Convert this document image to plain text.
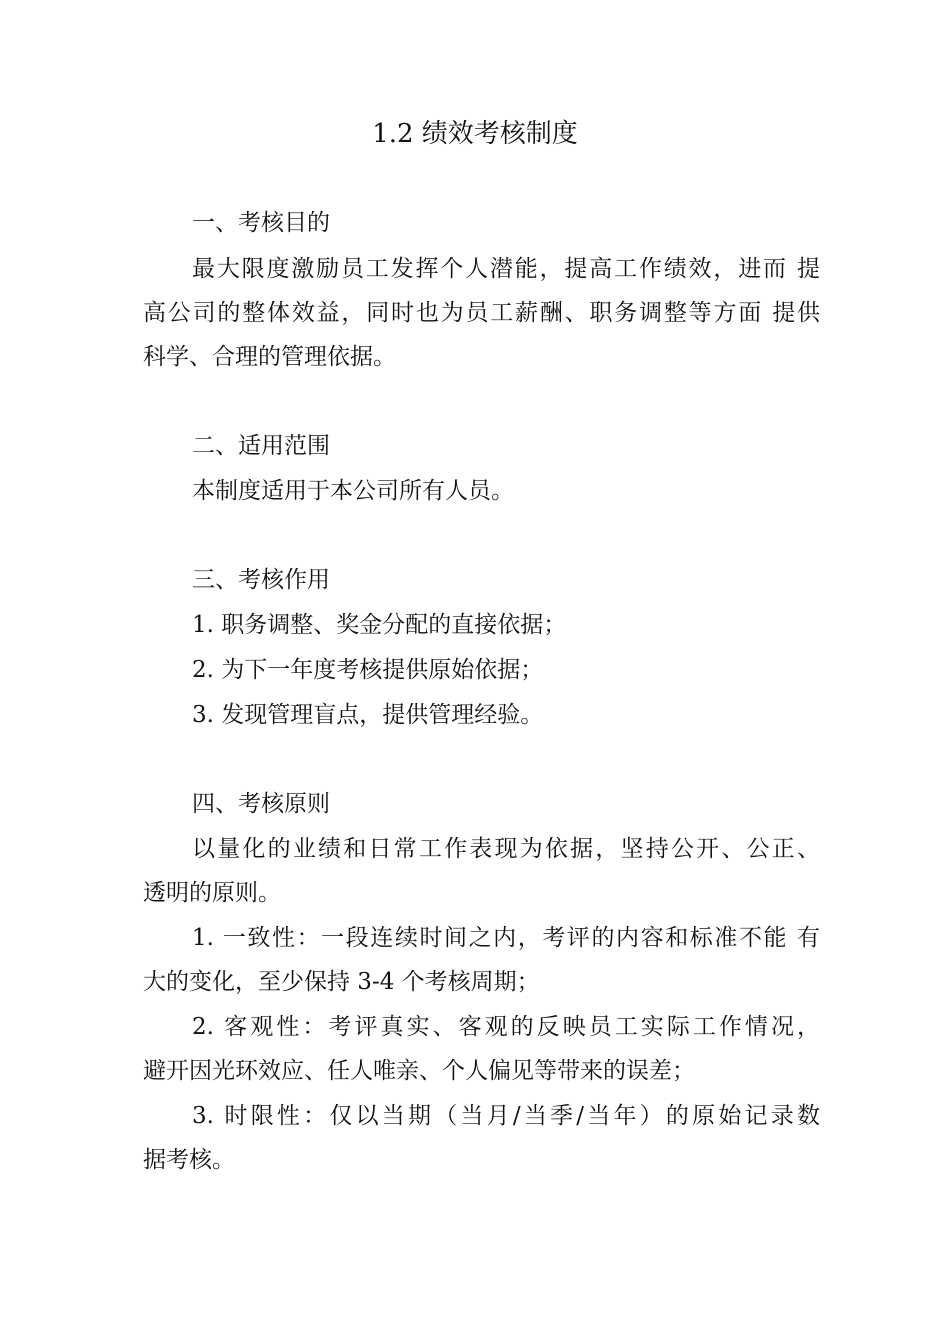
1.2 绩效考核制度

一、考核目的

最大限度激励员工发挥个人潜能，提高工作绩效，进而 提

高公司的整体效益，同时也为员工薪酬、职务调整等方面 提供

科学、合理的管理依据。

二、适用范围

本制度适用于本公司所有人员。

三、考核作用

1. 职务调整、奖金分配的直接依据；

2. 为下一年度考核提供原始依据；

3. 发现管理盲点，提供管理经验。

四、考核原则

以量化的业绩和日常工作表现为依据，坚持公开、公正、

透明的原则。

1. 一致性：一段连续时间之内，考评的内容和标准不能 有

大的变化，至少保持 3-4 个考核周期；

2. 客观性：考评真实、客观的反映员工实际工作情况，

避开因光环效应、任人唯亲、个人偏见等带来的误差；

3. 时限性：仅以当期（当月/当季/当年）的原始记录数

据考核。
